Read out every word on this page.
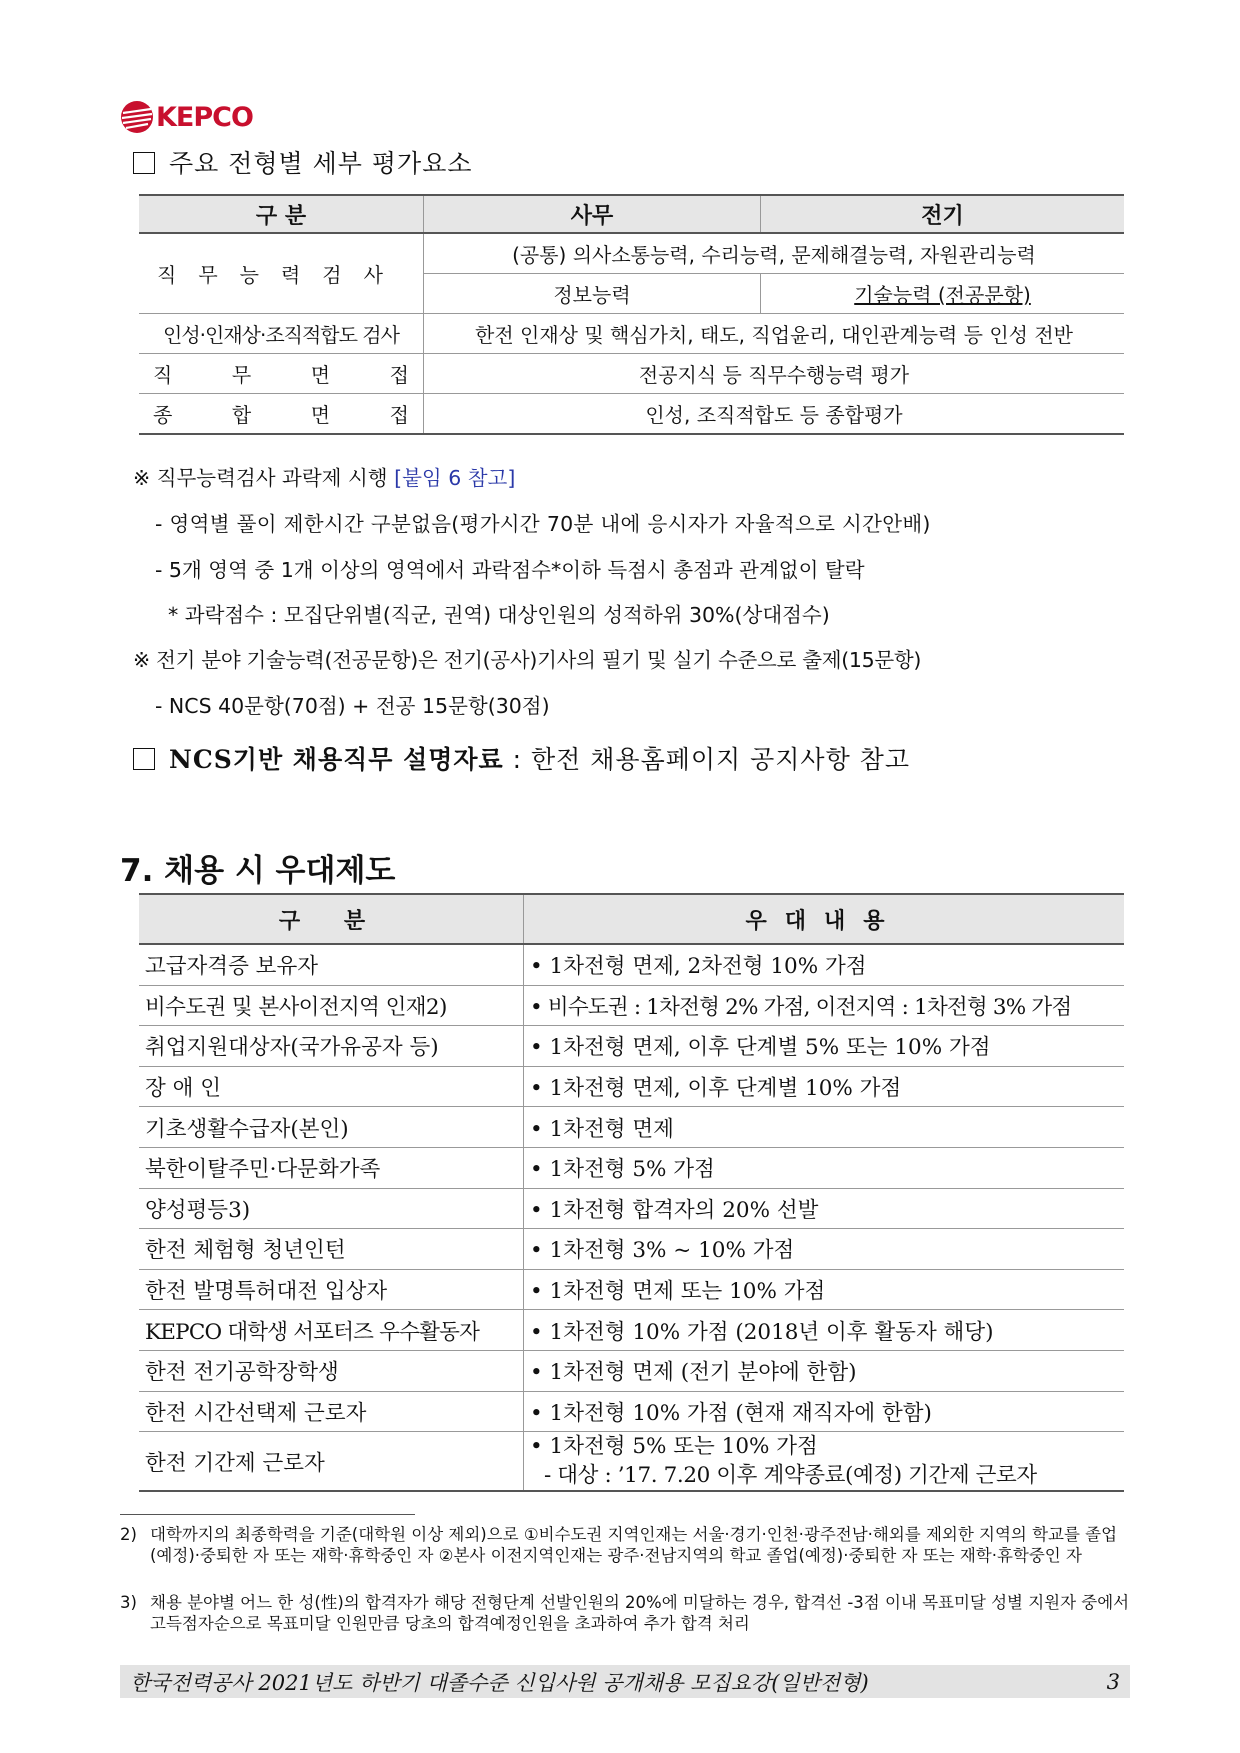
KEPCO
주요 전형별 세부 평가요소
구 분	사무	전기
직무능력검사	(공통) 의사소통능력, 수리능력, 문제해결능력, 자원관리능력	
	정보능력	기술능력 (전공문항)
인성·인재상·조직적합도 검사	한전 인재상 및 핵심가치, 태도, 직업윤리, 대인관계능력 등 인성 전반	

직 무 면 접	전공지식 등 직무수행능력 평가	

종 합 면 접	인성, 조직적합도 등 종합평가	
※ 직무능력검사 과락제 시행 [붙임 6 참고]
- 영역별 풀이 제한시간 구분없음(평가시간 70분 내에 응시자가 자율적으로 시간안배)
- 5개 영역 중 1개 이상의 영역에서 과락점수*이하 득점시 총점과 관계없이 탈락
* 과락점수 : 모집단위별(직군, 권역) 대상인원의 성적하위 30%(상대점수)
※ 전기 분야 기술능력(전공문항)은 전기(공사)기사의 필기 및 실기 수준으로 출제(15문항)
- NCS 40문항(70점) + 전공 15문항(30점)
NCS기반 채용직무 설명자료 : 한전 채용홈페이지 공지사항 참고
7. 채용 시 우대제도
구 분	우대내용
고급자격증 보유자	• 1차전형 면제, 2차전형 10% 가점
비수도권 및 본사이전지역 인재2)	• 비수도권 : 1차전형 2% 가점, 이전지역 : 1차전형 3% 가점
취업지원대상자(국가유공자 등)	• 1차전형 면제, 이후 단계별 5% 또는 10% 가점
장 애 인	• 1차전형 면제, 이후 단계별 10% 가점
기초생활수급자(본인)	• 1차전형 면제
북한이탈주민·다문화가족	• 1차전형 5% 가점
양성평등3)	• 1차전형 합격자의 20% 선발
한전 체험형 청년인턴	• 1차전형 3% ~ 10% 가점
한전 발명특허대전 입상자	• 1차전형 면제 또는 10% 가점
KEPCO 대학생 서포터즈 우수활동자	• 1차전형 10% 가점 (2018년 이후 활동자 해당)
한전 전기공학장학생	• 1차전형 면제 (전기 분야에 한함)
한전 시간선택제 근로자	• 1차전형 10% 가점 (현재 재직자에 한함)
한전 기간제 근로자	• 1차전형 5% 또는 10% 가점
- 대상 : ’17. 7.20 이후 계약종료(예정) 기간제 근로자
2) 대학까지의 최종학력을 기준(대학원 이상 제외)으로 ①비수도권 지역인재는 서울·경기·인천·광주전남·해외를 제외한 지역의 학교를 졸업(예정)·중퇴한 자 또는 재학·휴학중인 자 ②본사 이전지역인재는 광주·전남지역의 학교 졸업(예정)·중퇴한 자 또는 재학·휴학중인 자
3) 채용 분야별 어느 한 성(性)의 합격자가 해당 전형단계 선발인원의 20%에 미달하는 경우, 합격선 -3점 이내 목표미달 성별 지원자 중에서 고득점자순으로 목표미달 인원만큼 당초의 합격예정인원을 초과하여 추가 합격 처리
한국전력공사 2021년도 하반기 대졸수준 신입사원 공개채용 모집요강(일반전형)	3
